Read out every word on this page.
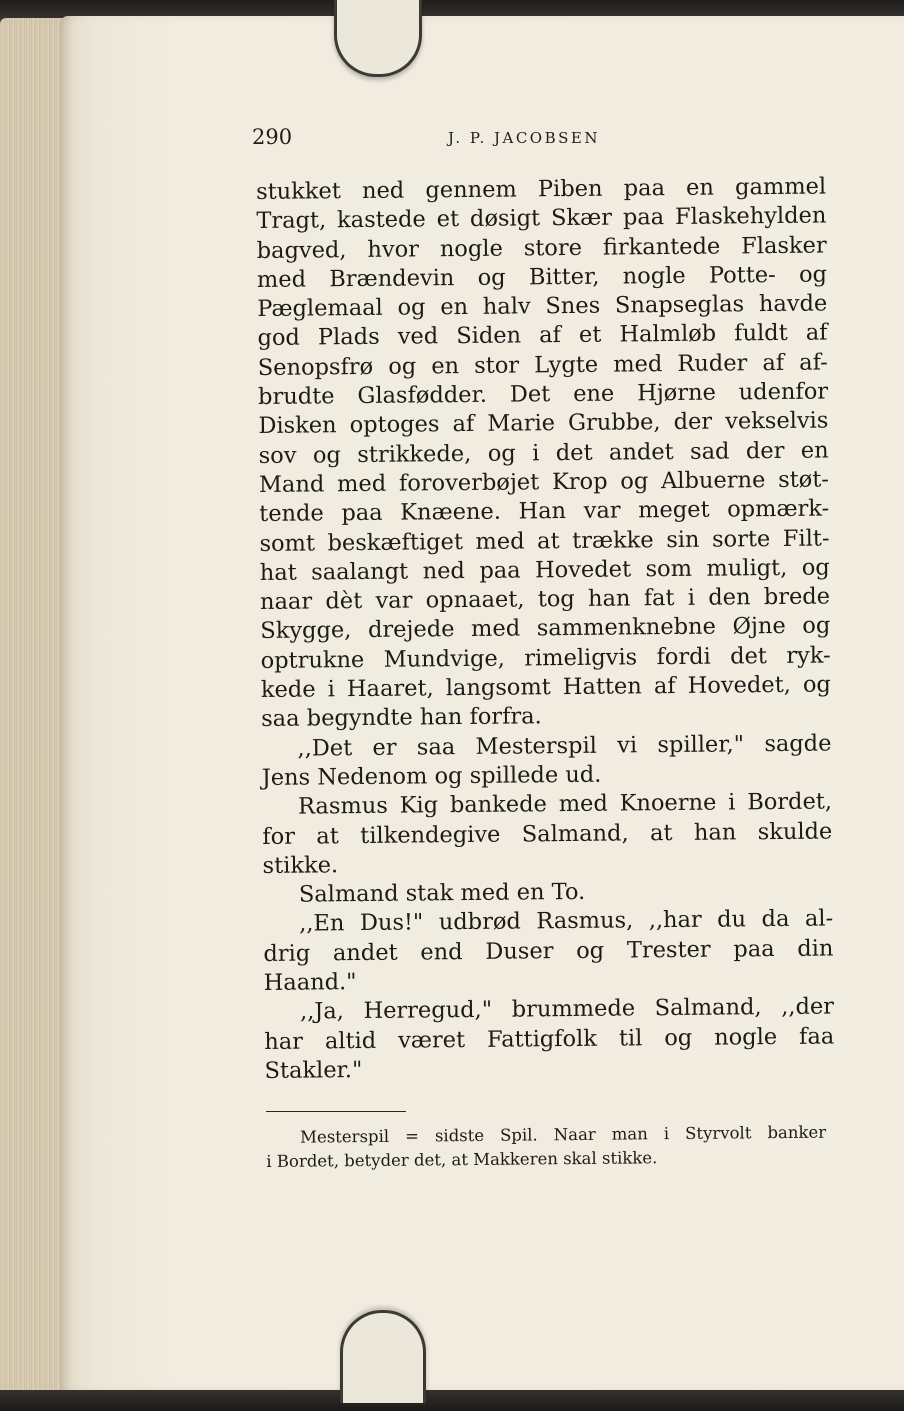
290	J. P. JACOBSEN
stukket ned gennem Piben paa en gammel
Tragt, kastede et døsigt Skær paa Flaskehylden
bagved, hvor nogle store firkantede Flasker
med Brændevin og Bitter, nogle Potte- og
Pæglemaal og en halv Snes Snapseglas havde
god Plads ved Siden af et Halmløb fuldt af
Senopsfrø og en stor Lygte med Ruder af af-
brudte Glasfødder. Det ene Hjørne udenfor
Disken optoges af Marie Grubbe, der vekselvis
sov og strikkede, og i det andet sad der en
Mand med foroverbøjet Krop og Albuerne støt-
tende paa Knæene. Han var meget opmærk-
somt beskæftiget med at trække sin sorte Filt-
hat saalangt ned paa Hovedet som muligt, og
naar dèt var opnaaet, tog han fat i den brede
Skygge, drejede med sammenknebne Øjne og
optrukne Mundvige, rimeligvis fordi det ryk-
kede i Haaret, langsomt Hatten af Hovedet, og
saa begyndte han forfra.
,,Det er saa Mesterspil vi spiller," sagde
Jens Nedenom og spillede ud.
Rasmus Kig bankede med Knoerne i Bordet,
for at tilkendegive Salmand, at han skulde
stikke.
Salmand stak med en To.
,,En Dus!" udbrød Rasmus, ,,har du da al-
drig andet end Duser og Trester paa din
Haand."
,,Ja, Herregud," brummede Salmand, ,,der
har altid været Fattigfolk til og nogle faa
Stakler."
Mesterspil = sidste Spil. Naar man i Styrvolt banker
i Bordet, betyder det, at Makkeren skal stikke.
